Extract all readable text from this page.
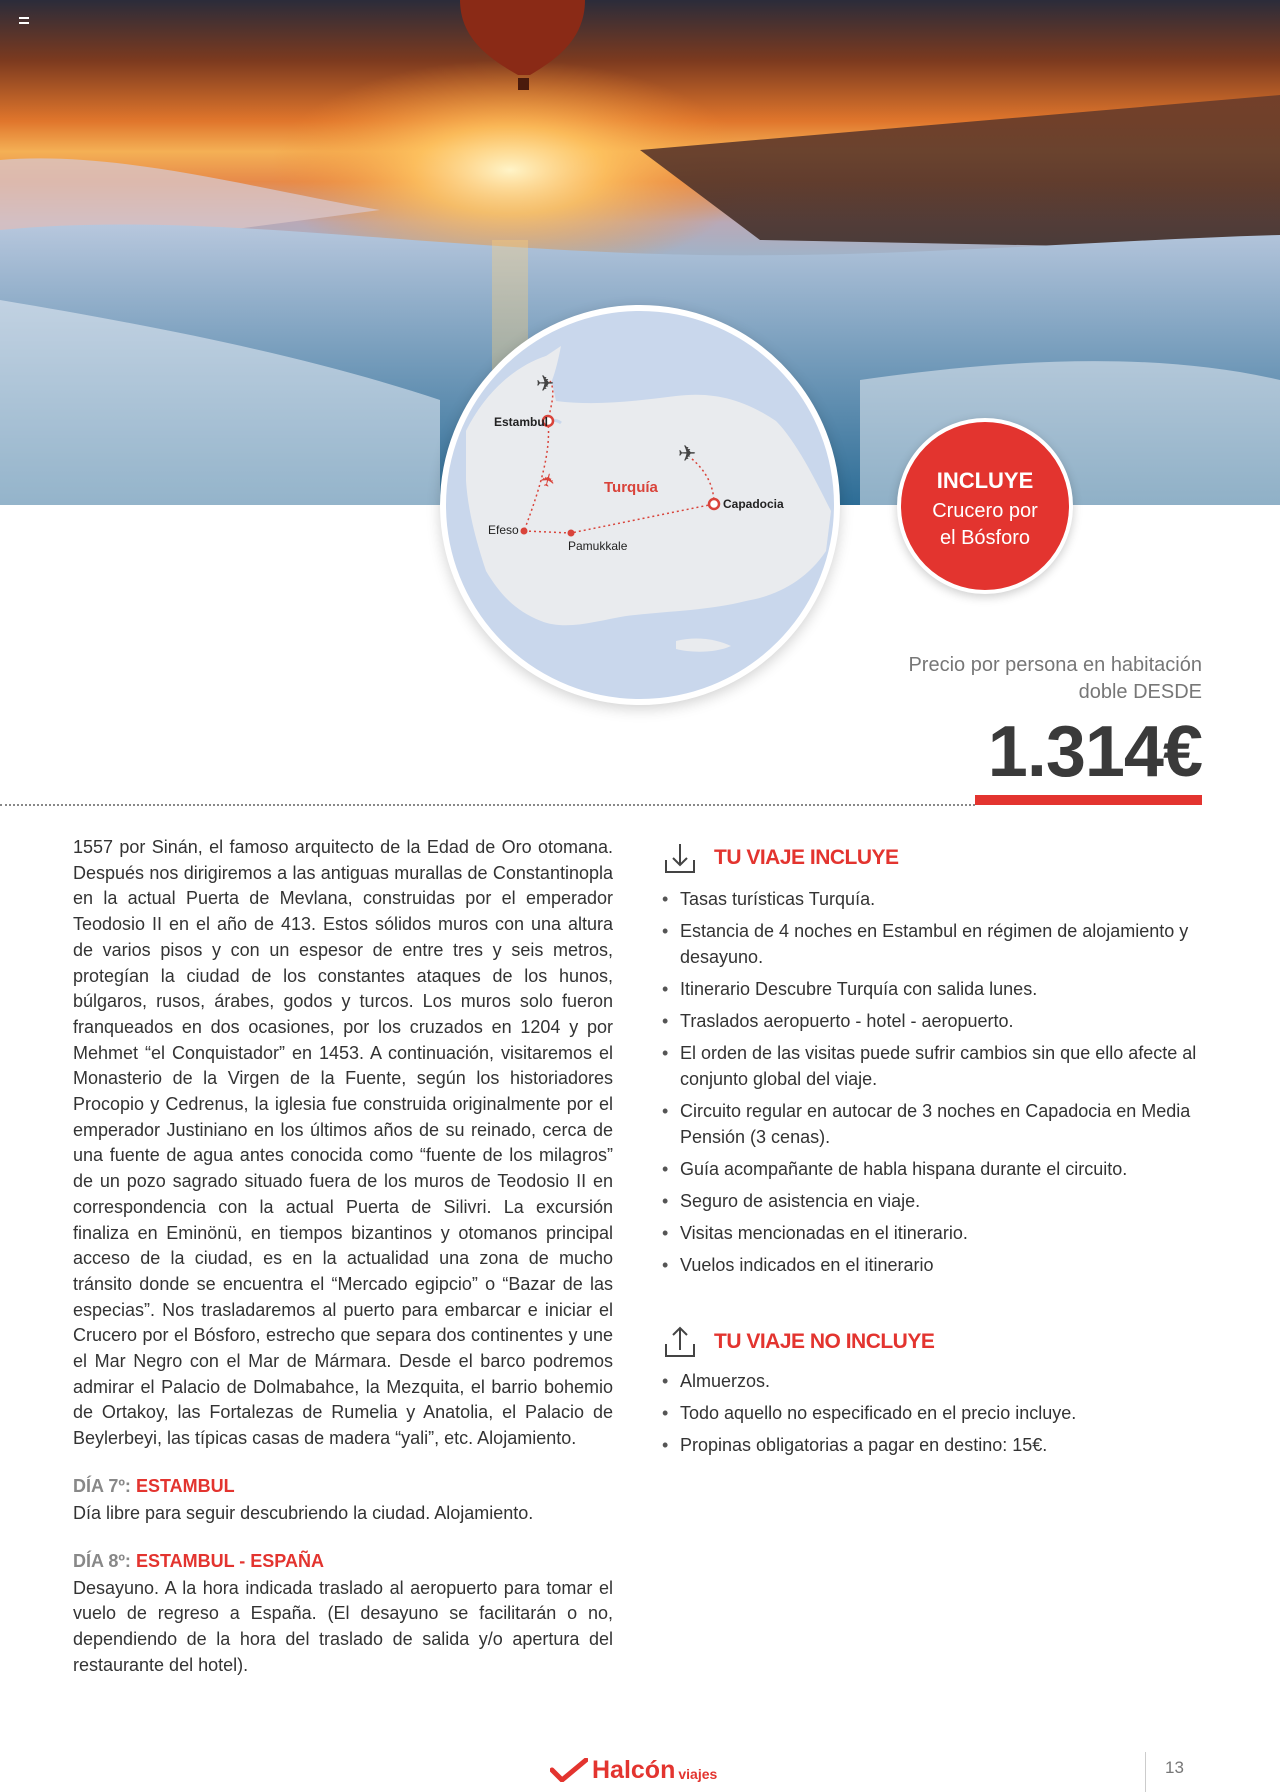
✈
✈
✈
Estambul
Turquía
Capadocia
Efeso
Pamukkale
INCLUYE
Crucero por el Bósforo
Precio por persona en habitación doble DESDE
1.314€

1557 por Sinán, el famoso arquitecto de la Edad de Oro otomana. Después nos dirigiremos a las antiguas murallas de Constantinopla en la actual Puerta de Mevlana, construidas por el emperador Teodosio II en el año de 413. Estos sólidos muros con una altura de varios pisos y con un espesor de entre tres y seis metros, protegían la ciudad de los constantes ataques de los hunos, búlgaros, rusos, árabes, godos y turcos. Los muros solo fueron franqueados en dos ocasiones, por los cruzados en 1204 y por Mehmet “el Conquistador” en 1453. A continuación, visitaremos el Monasterio de la Virgen de la Fuente, según los historiadores Procopio y Cedrenus, la iglesia fue construida originalmente por el emperador Justiniano en los últimos años de su reinado, cerca de una fuente de agua antes conocida como “fuente de los milagros” de un pozo sagrado situado fuera de los muros de Teodosio II en correspondencia con la actual Puerta de Silivri. La excursión finaliza en Eminönü, en tiempos bizantinos y otomanos principal acceso de la ciudad, es en la actualidad una zona de mucho tránsito donde se encuentra el “Mercado egipcio” o “Bazar de las especias”. Nos trasladaremos al puerto para embarcar e iniciar el Crucero por el Bósforo, estrecho que separa dos continentes y une el Mar Negro con el Mar de Mármara. Desde el barco podremos admirar el Palacio de Dolmabahce, la Mezquita, el barrio bohemio de Ortakoy, las Fortalezas de Rumelia y Anatolia, el Palacio de Beylerbeyi, las típicas casas de madera “yali”, etc. Alojamiento.

DÍA 7º: ESTAMBUL

Día libre para seguir descubriendo la ciudad. Alojamiento.

DÍA 8º: ESTAMBUL - ESPAÑA

Desayuno. A la hora indicada traslado al aeropuerto para tomar el vuelo de regreso a España. (El desayuno se facilitarán o no, dependiendo de la hora del traslado de salida y/o apertura del restaurante del hotel).

TU VIAJE INCLUYE
• Tasas turísticas Turquía.
• Estancia de 4 noches en Estambul en régimen de alojamiento y desayuno.
• Itinerario Descubre Turquía con salida lunes.
• Traslados aeropuerto - hotel - aeropuerto.
• El orden de las visitas puede sufrir cambios sin que ello afecte al conjunto global del viaje.
• Circuito regular en autocar de 3 noches en Capadocia en Media Pensión (3 cenas).
• Guía acompañante de habla hispana durante el circuito.
• Seguro de asistencia en viaje.
• Visitas mencionadas en el itinerario.
• Vuelos indicados en el itinerario
TU VIAJE NO INCLUYE
• Almuerzos.
• Todo aquello no especificado en el precio incluye.
• Propinas obligatorias a pagar en destino: 15€.
Halcón viajes	13
